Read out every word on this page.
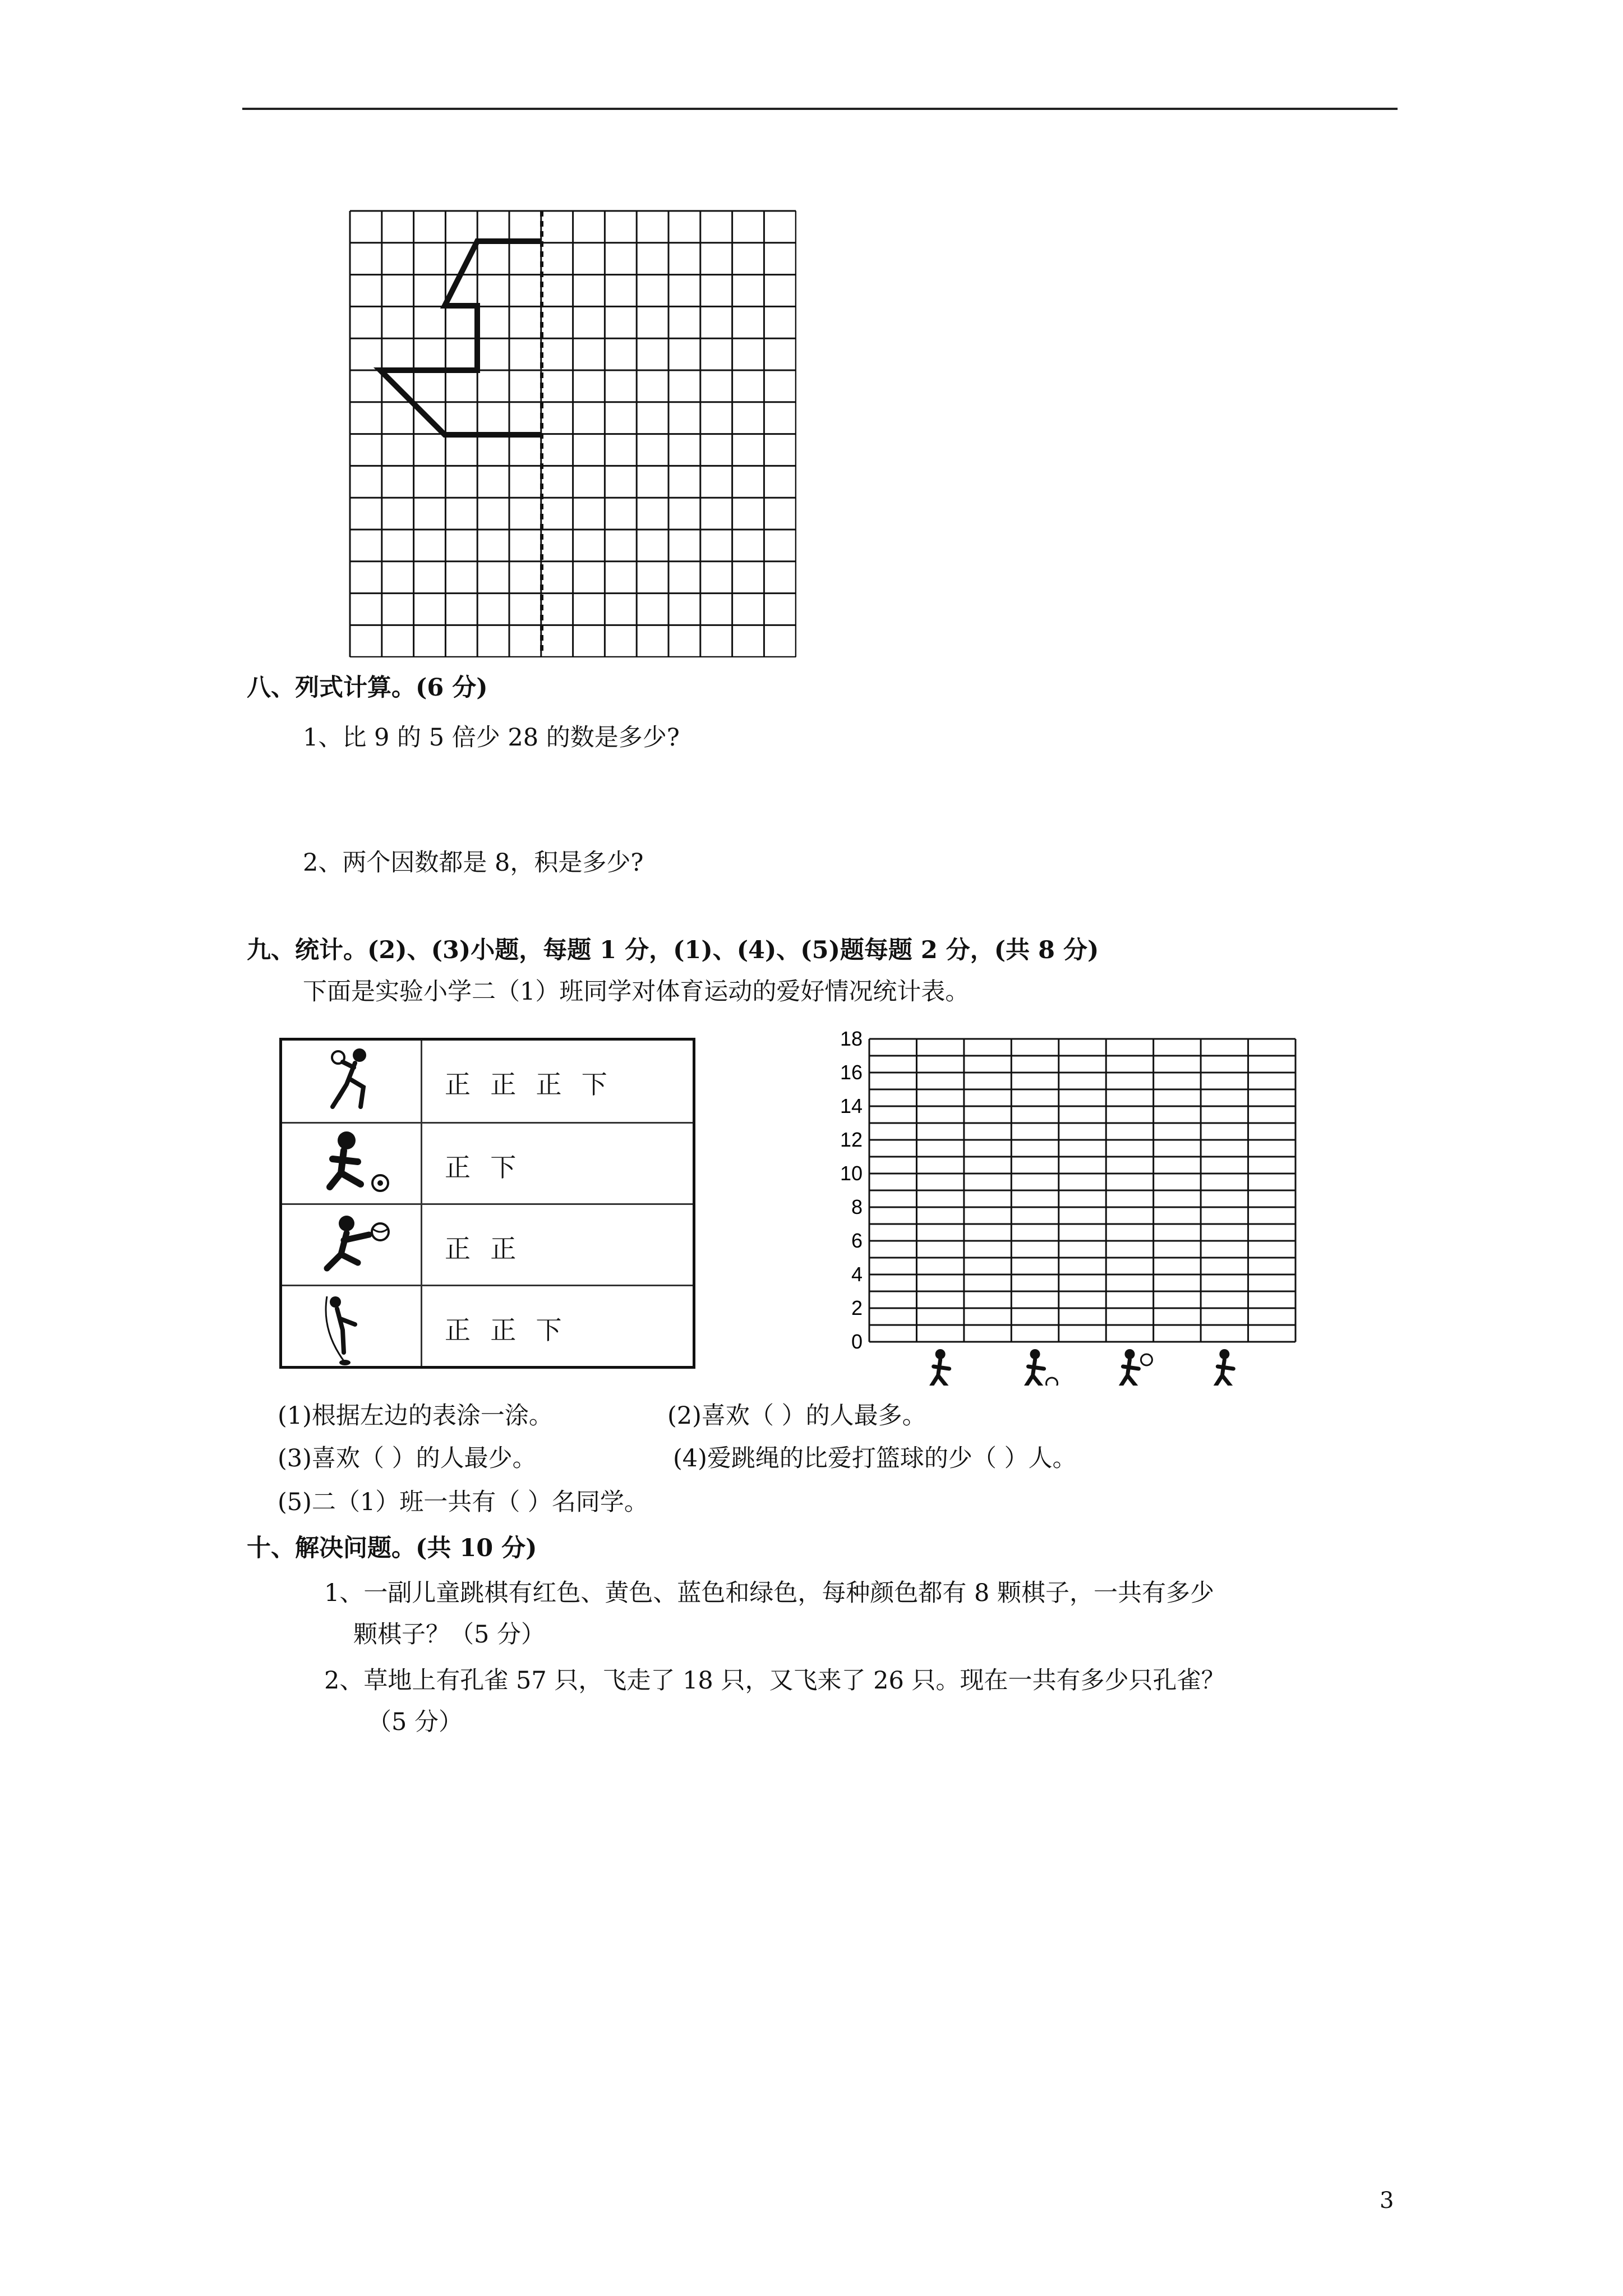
八、列式计算。(6 分)
1、比 9 的 5 倍少 28 的数是多少?
2、两个因数都是 8，积是多少?
九、统计。(2)、(3)小题，每题 1 分，(1)、(4)、(5)题每题 2 分，(共 8 分)
下面是实验小学二（1）班同学对体育运动的爱好情况统计表。
正  正  正  下
正  下
正  正
正  正  下	0
2
4
6
8
10
12
14
16
18
(1)根据左边的表涂一涂。	(2)喜欢（ ）的人最多。
(3)喜欢（ ）的人最少。	(4)爱跳绳的比爱打篮球的少（ ）人。
(5)二（1）班一共有（ ）名同学。
十、解决问题。(共 10 分)
1、一副儿童跳棋有红色、黄色、蓝色和绿色，每种颜色都有 8 颗棋子，一共有多少
颗棋子？（5 分）
2、草地上有孔雀 57 只，飞走了 18 只，又飞来了 26 只。现在一共有多少只孔雀？
（5 分）
3
